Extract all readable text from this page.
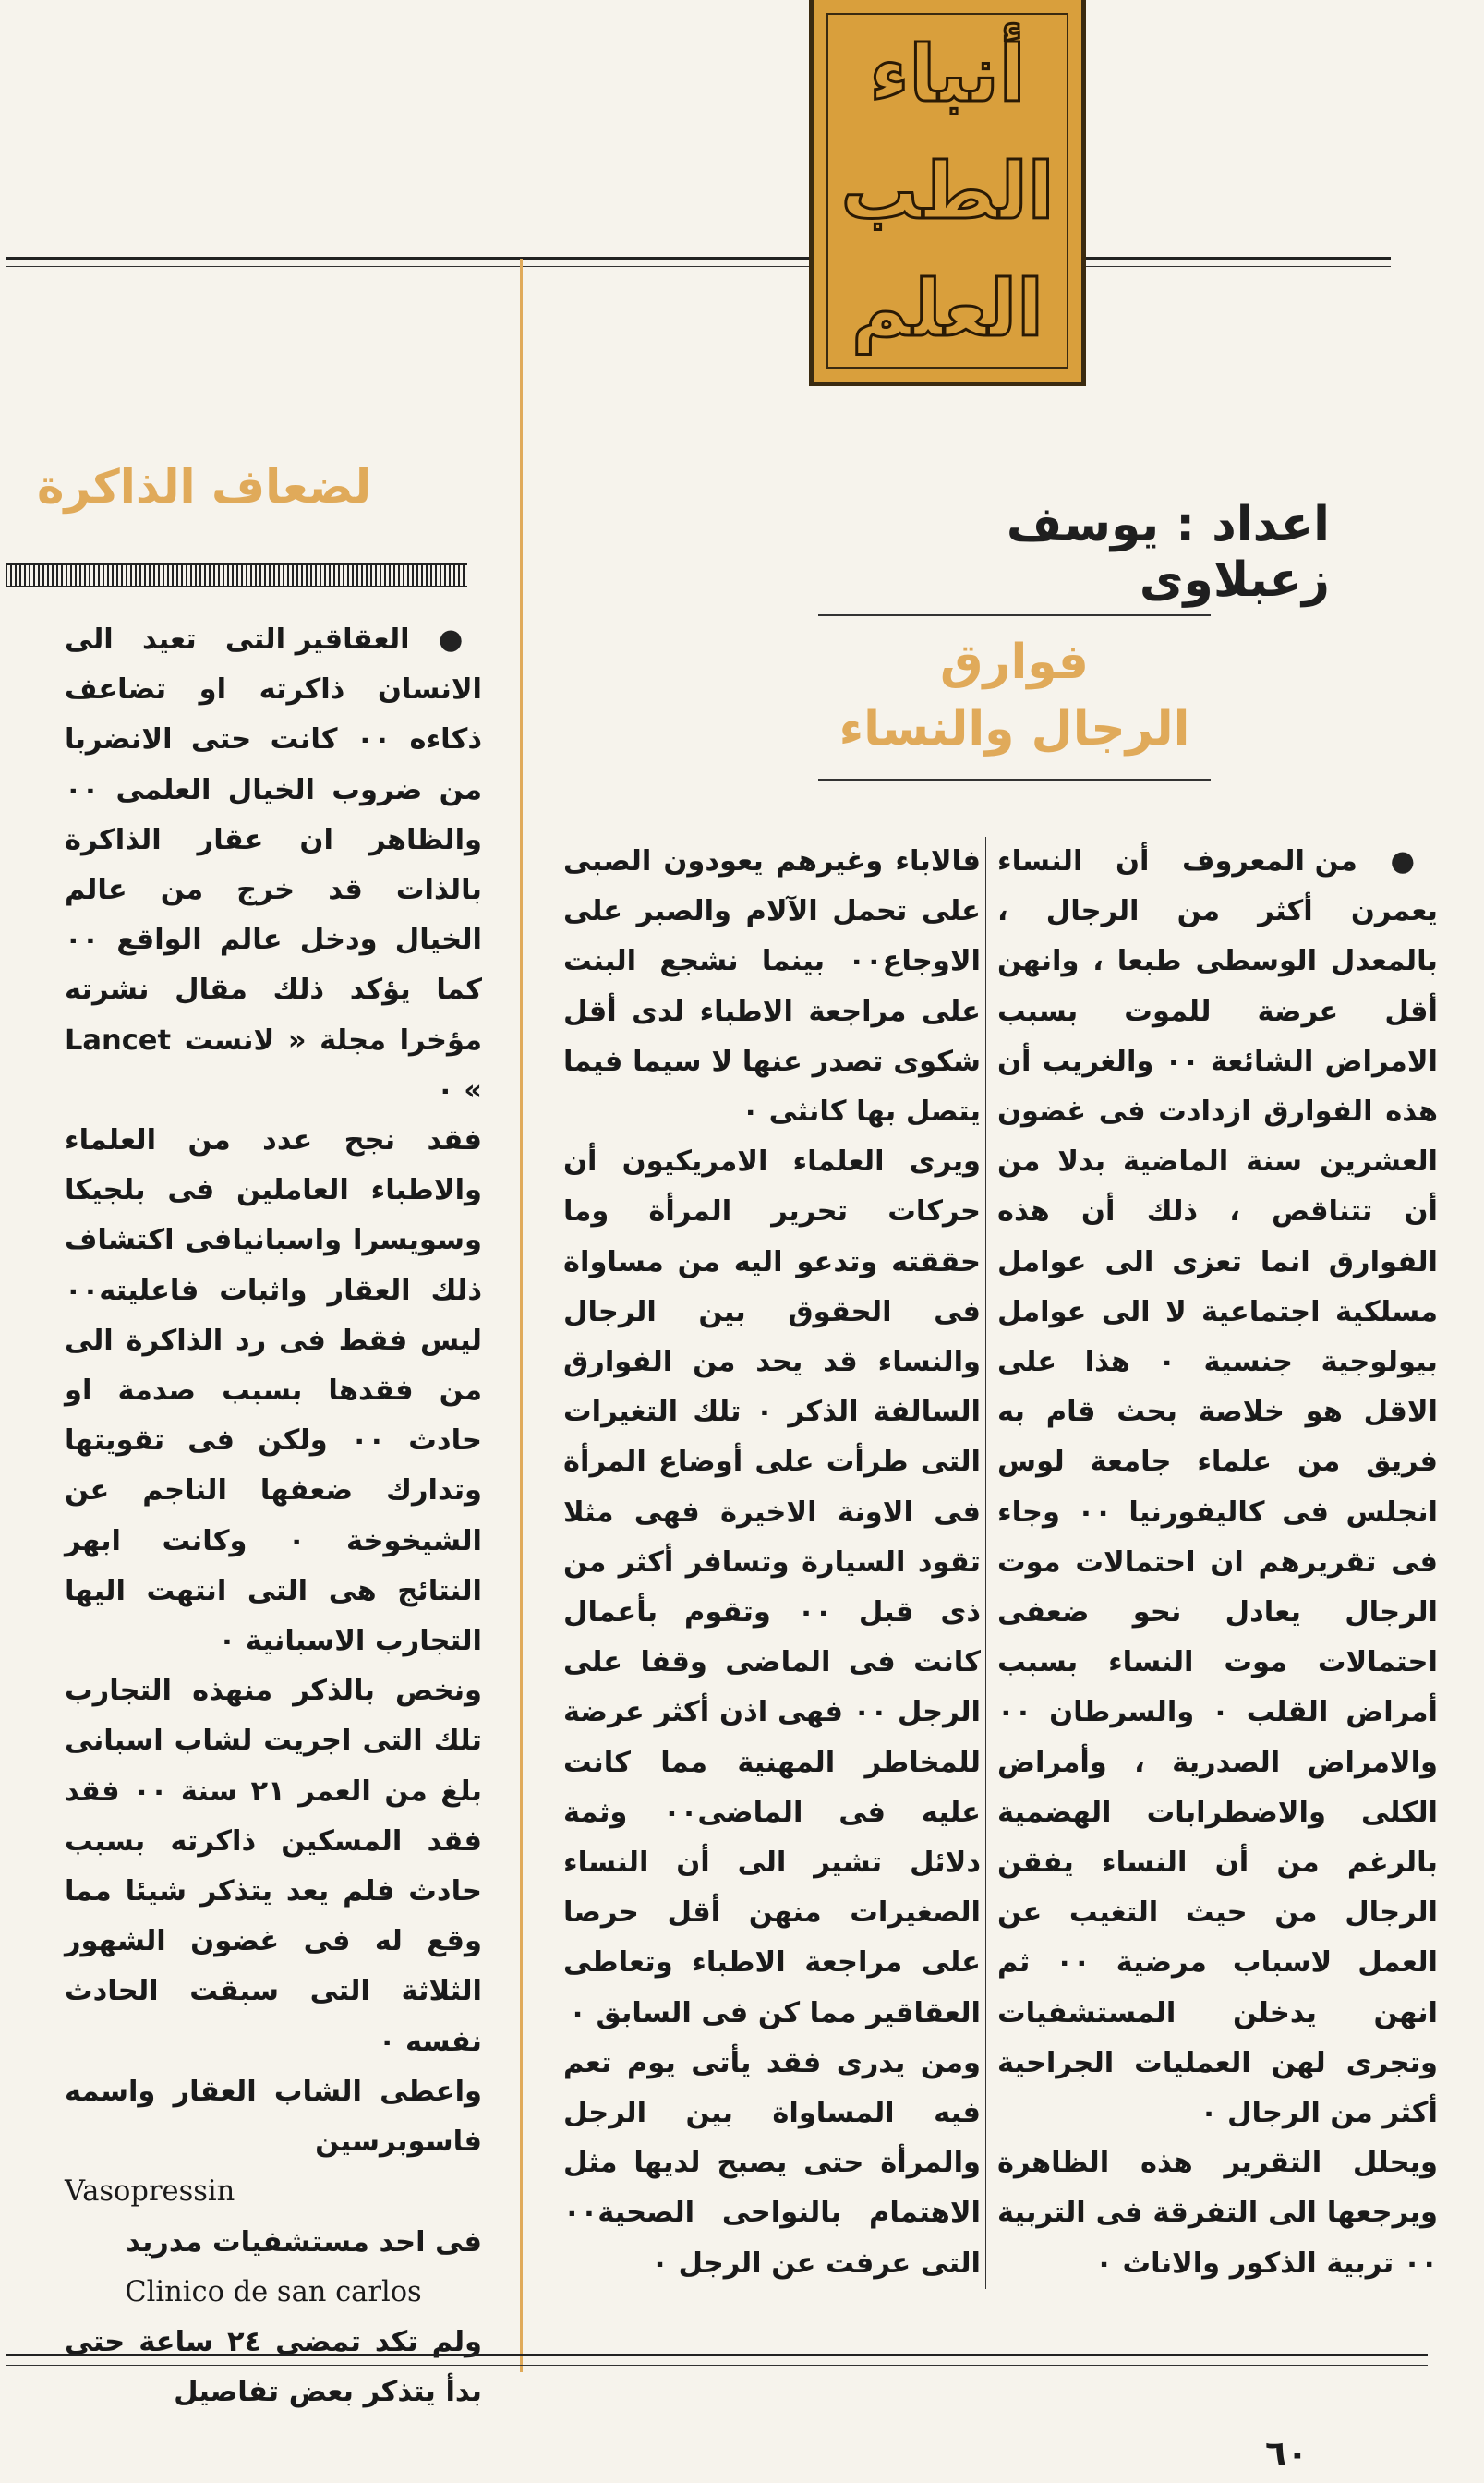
أنباء
الطب
العلم
لضعاف الذاكرة

● العقاقير التى تعيد الى الانسان ذاكرته او تضاعف ذكاءه ٠٠ كانت حتى الانضربا من ضروب الخيال العلمى ٠٠ والظاهر ان عقار الذاكرة بالذات قد خرج من عالم الخيال ودخل عالم الواقع ٠٠ كما يؤكد ذلك مقال نشرته مؤخرا مجلة « لانست Lancet » ٠

فقد نجح عدد من العلماء والاطباء العاملين فى بلجيكا وسويسرا واسبانيافى اكتشاف ذلك العقار واثبات فاعليته٠٠ ليس فقط فى رد الذاكرة الى من فقدها بسبب صدمة او حادث ٠٠ ولكن فى تقويتها وتدارك ضعفها الناجم عن الشيخوخة ٠ وكانت ابهر النتائج هى التى انتهت اليها التجارب الاسبانية ٠

ونخص بالذكر منهذه التجارب تلك التى اجريت لشاب اسبانى بلغ من العمر ٢١ سنة ٠٠ فقد فقد المسكين ذاكرته بسبب حادث فلم يعد يتذكر شيئا مما وقع له فى غضون الشهور الثلاثة التى سبقت الحادث نفسه ٠

واعطى الشاب العقار واسمه فاسوبرسين

Vasopressin

فى احد مستشفيات مدريد

Clinico de san carlos

ولم تكد تمضى ٢٤ ساعة حتى بدأ يتذكر بعض تفاصيل

اعداد : يوسف زعبلاوى
فوارق
الرجال والنساء

● من المعروف أن النساء يعمرن أكثر من الرجال ، بالمعدل الوسطى طبعا ، وانهن أقل عرضة للموت بسبب الامراض الشائعة ٠٠ والغريب أن هذه الفوارق ازدادت فى غضون العشرين سنة الماضية بدلا من أن تتناقص ، ذلك أن هذه الفوارق انما تعزى الى عوامل مسلكية اجتماعية لا الى عوامل بيولوجية جنسية ٠ هذا على الاقل هو خلاصة بحث قام به فريق من علماء جامعة لوس انجلس فى كاليفورنيا ٠٠ وجاء فى تقريرهم ان احتمالات موت الرجال يعادل نحو ضعفى احتمالات موت النساء بسبب أمراض القلب ٠ والسرطان ٠٠ والامراض الصدرية ، وأمراض الكلى والاضطرابات الهضمية بالرغم من أن النساء يفقن الرجال من حيث التغيب عن العمل لاسباب مرضية ٠٠ ثم انهن يدخلن المستشفيات وتجرى لهن العمليات الجراحية أكثر من الرجال ٠

ويحلل التقرير هذه الظاهرة ويرجعها الى التفرقة فى التربية ٠٠ تربية الذكور والاناث ٠

فالاباء وغيرهم يعودون الصبى على تحمل الآلام والصبر على الاوجاع٠٠ بينما نشجع البنت على مراجعة الاطباء لدى أقل شكوى تصدر عنها لا سيما فيما يتصل بها كانثى ٠

ويرى العلماء الامريكيون أن حركات تحرير المرأة وما حققته وتدعو اليه من مساواة فى الحقوق بين الرجال والنساء قد يحد من الفوارق السالفة الذكر ٠ تلك التغيرات التى طرأت على أوضاع المرأة فى الاونة الاخيرة فهى مثلا تقود السيارة وتسافر أكثر من ذى قبل ٠٠ وتقوم بأعمال كانت فى الماضى وقفا على الرجل ٠٠ فهى اذن أكثر عرضة للمخاطر المهنية مما كانت عليه فى الماضى٠٠ وثمة دلائل تشير الى أن النساء الصغيرات منهن أقل حرصا على مراجعة الاطباء وتعاطى العقاقير مما كن فى السابق ٠

ومن يدرى فقد يأتى يوم تعم فيه المساواة بين الرجل والمرأة حتى يصبح لديها مثل الاهتمام بالنواحى الصحية٠٠ التى عرفت عن الرجل ٠

٦٠
